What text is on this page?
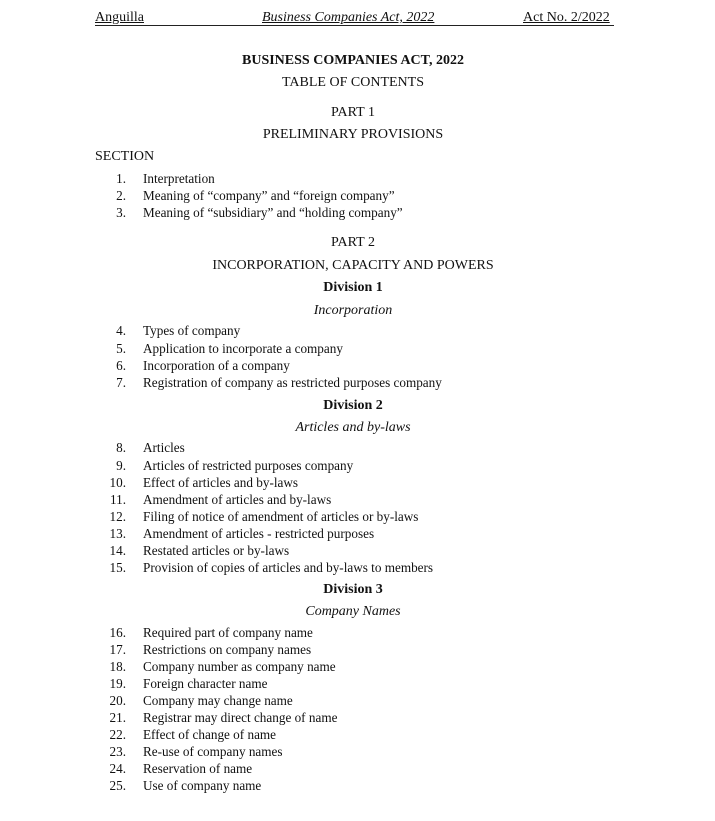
Anguilla	Business Companies Act, 2022	Act No. 2/2022
BUSINESS COMPANIES ACT, 2022
TABLE OF CONTENTS
PART 1
PRELIMINARY PROVISIONS
SECTION
1. Interpretation
2. Meaning of “company” and “foreign company”
3. Meaning of “subsidiary” and “holding company”
PART 2
INCORPORATION, CAPACITY AND POWERS
Division 1
Incorporation
4. Types of company
5. Application to incorporate a company
6. Incorporation of a company
7. Registration of company as restricted purposes company
Division 2
Articles and by-laws
8. Articles
9. Articles of restricted purposes company
10. Effect of articles and by-laws
11. Amendment of articles and by-laws
12. Filing of notice of amendment of articles or by-laws
13. Amendment of articles - restricted purposes
14. Restated articles or by-laws
15. Provision of copies of articles and by-laws to members
Division 3
Company Names
16. Required part of company name
17. Restrictions on company names
18. Company number as company name
19. Foreign character name
20. Company may change name
21. Registrar may direct change of name
22. Effect of change of name
23. Re-use of company names
24. Reservation of name
25. Use of company name
